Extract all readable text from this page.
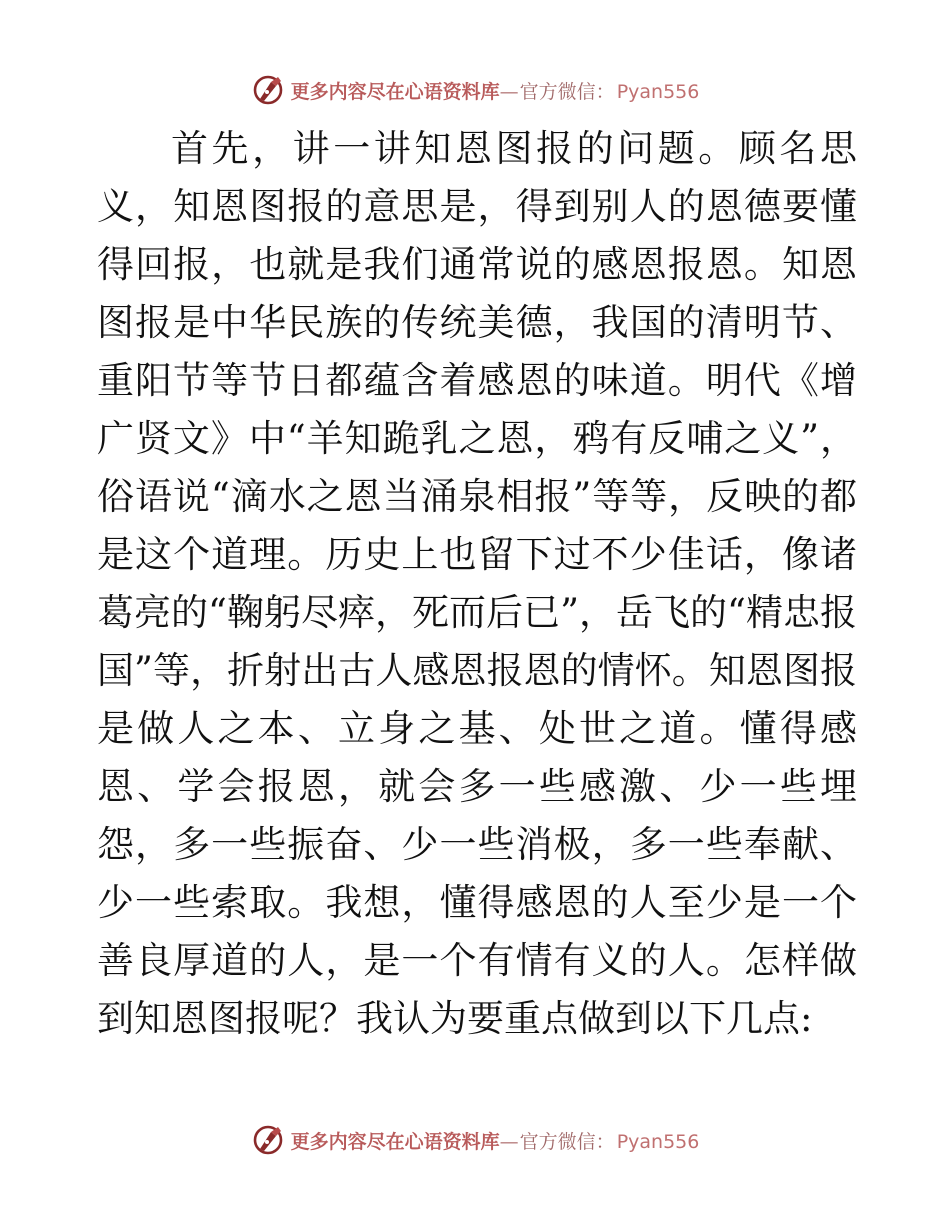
更多内容尽在心语资料库— 官方微信： Pyan556

首先，讲一讲知恩图报的问题。顾名思义，知恩图报的意思是，得到别人的恩德要懂得回报，也就是我们通常说的感恩报恩。知恩图报是中华民族的传统美德，我国的清明节、重阳节等节日都蕴含着感恩的味道。明代《增广贤文》中“羊知跪乳之恩，鸦有反哺之义”，俗语说“滴水之恩当涌泉相报”等等，反映的都是这个道理。历史上也留下过不少佳话，像诸葛亮的“鞠躬尽瘁，死而后已”，岳飞的“精忠报国”等，折射出古人感恩报恩的情怀。知恩图报是做人之本、立身之基、处世之道。懂得感恩、学会报恩，就会多一些感激、少一些埋怨，多一些振奋、少一些消极，多一些奉献、少一些索取。我想，懂得感恩的人至少是一个善良厚道的人，是一个有情有义的人。怎样做到知恩图报呢？我认为要重点做到以下几点:

更多内容尽在心语资料库— 官方微信： Pyan556
